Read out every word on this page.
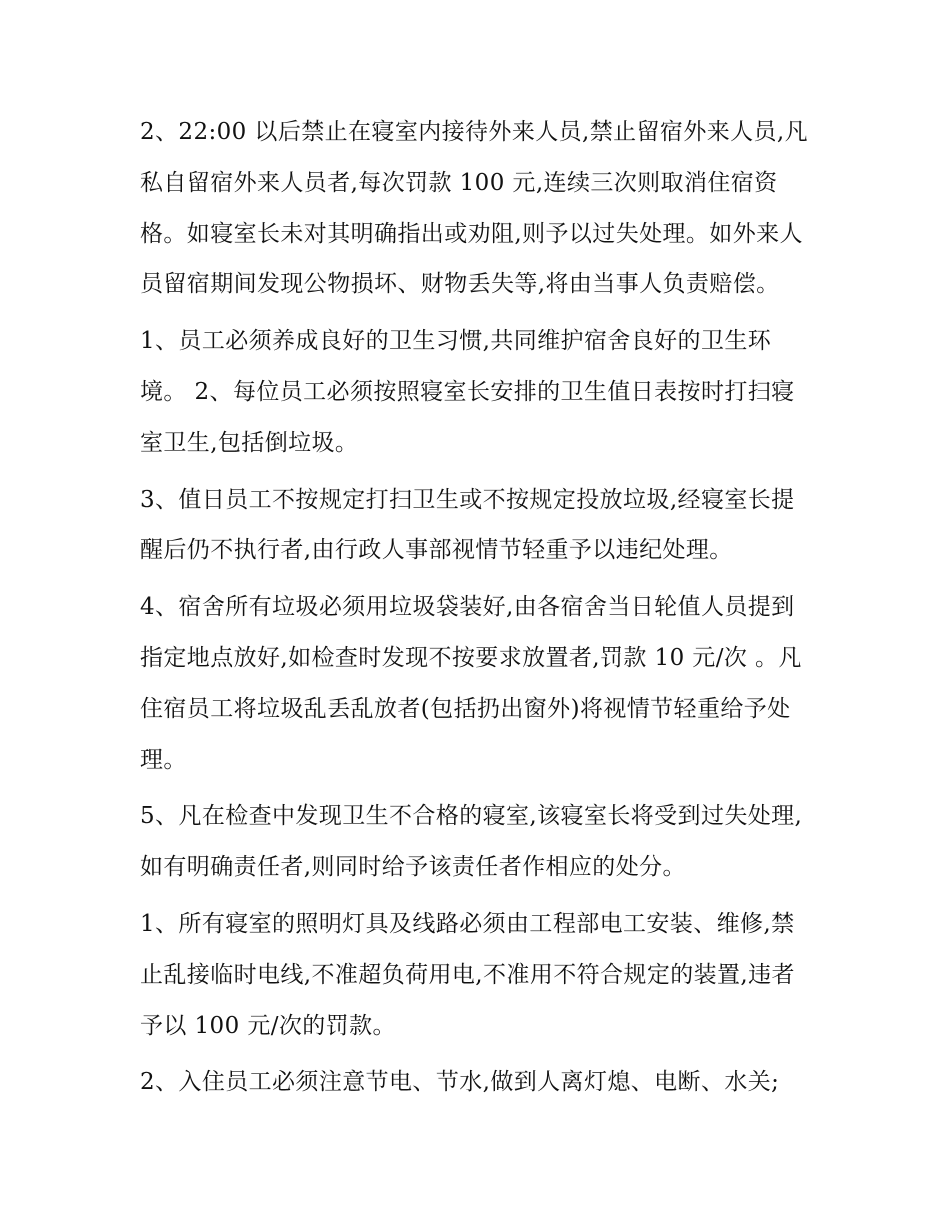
2、22:00 以后禁止在寝室内接待外来人员,禁止留宿外来人员,凡私自留宿外来人员者,每次罚款 100 元,连续三次则取消住宿资格。如寝室长未对其明确指出或劝阻,则予以过失处理。如外来人员留宿期间发现公物损坏、财物丢失等,将由当事人负责赔偿。

1、员工必须养成良好的卫生习惯,共同维护宿舍良好的卫生环境。 2、每位员工必须按照寝室长安排的卫生值日表按时打扫寝室卫生,包括倒垃圾。

3、值日员工不按规定打扫卫生或不按规定投放垃圾,经寝室长提醒后仍不执行者,由行政人事部视情节轻重予以违纪处理。

4、宿舍所有垃圾必须用垃圾袋装好,由各宿舍当日轮值人员提到指定地点放好,如检查时发现不按要求放置者,罚款 10 元/次 。凡住宿员工将垃圾乱丢乱放者(包括扔出窗外)将视情节轻重给予处理。

5、凡在检查中发现卫生不合格的寝室,该寝室长将受到过失处理,如有明确责任者,则同时给予该责任者作相应的处分。

1、所有寝室的照明灯具及线路必须由工程部电工安装、维修,禁止乱接临时电线,不准超负荷用电,不准用不符合规定的装置,违者予以 100 元/次的罚款。

2、入住员工必须注意节电、节水,做到人离灯熄、电断、水关;
